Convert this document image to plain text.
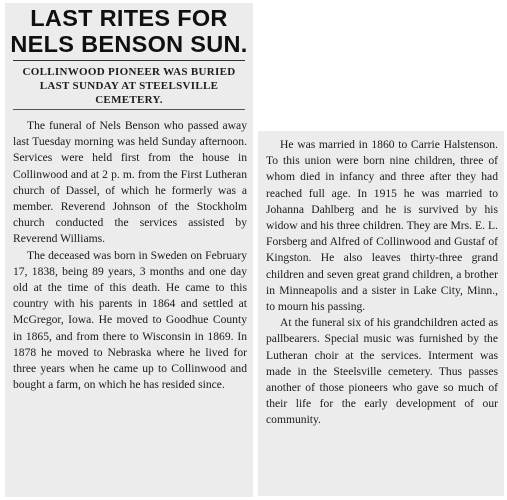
LAST RITES FOR
NELS BENSON SUN.
COLLINWOOD PIONEER WAS BURIED LAST SUNDAY AT STEELSVILLE CEMETERY.

The funeral of Nels Benson who passed away last Tuesday morning was held Sunday afternoon. Services were held first from the house in Collinwood and at 2 p. m. from the First Lutheran church of Dassel, of which he formerly was a member. Reverend Johnson of the Stockholm church conducted the services assisted by Reverend Williams.

The deceased was born in Sweden on February 17, 1838, being 89 years, 3 months and one day old at the time of this death. He came to this country with his parents in 1864 and settled at McGregor, Iowa. He moved to Goodhue County in 1865, and from there to Wisconsin in 1869. In 1878 he moved to Nebraska where he lived for three years when he came up to Collinwood and bought a farm, on which he has resided since.

He was married in 1860 to Carrie Halstenson. To this union were born nine children, three of whom died in infancy and three after they had reached full age. In 1915 he was married to Johanna Dahlberg and he is survived by his widow and his three children. They are Mrs. E. L. Forsberg and Alfred of Collinwood and Gustaf of Kingston. He also leaves thirty-three grand children and seven great grand children, a brother in Minneapolis and a sister in Lake City, Minn., to mourn his passing.

At the funeral six of his grandchildren acted as pallbearers. Special music was furnished by the Lutheran choir at the services. Interment was made in the Steelsville cemetery. Thus passes another of those pioneers who gave so much of their life for the early development of our community.
